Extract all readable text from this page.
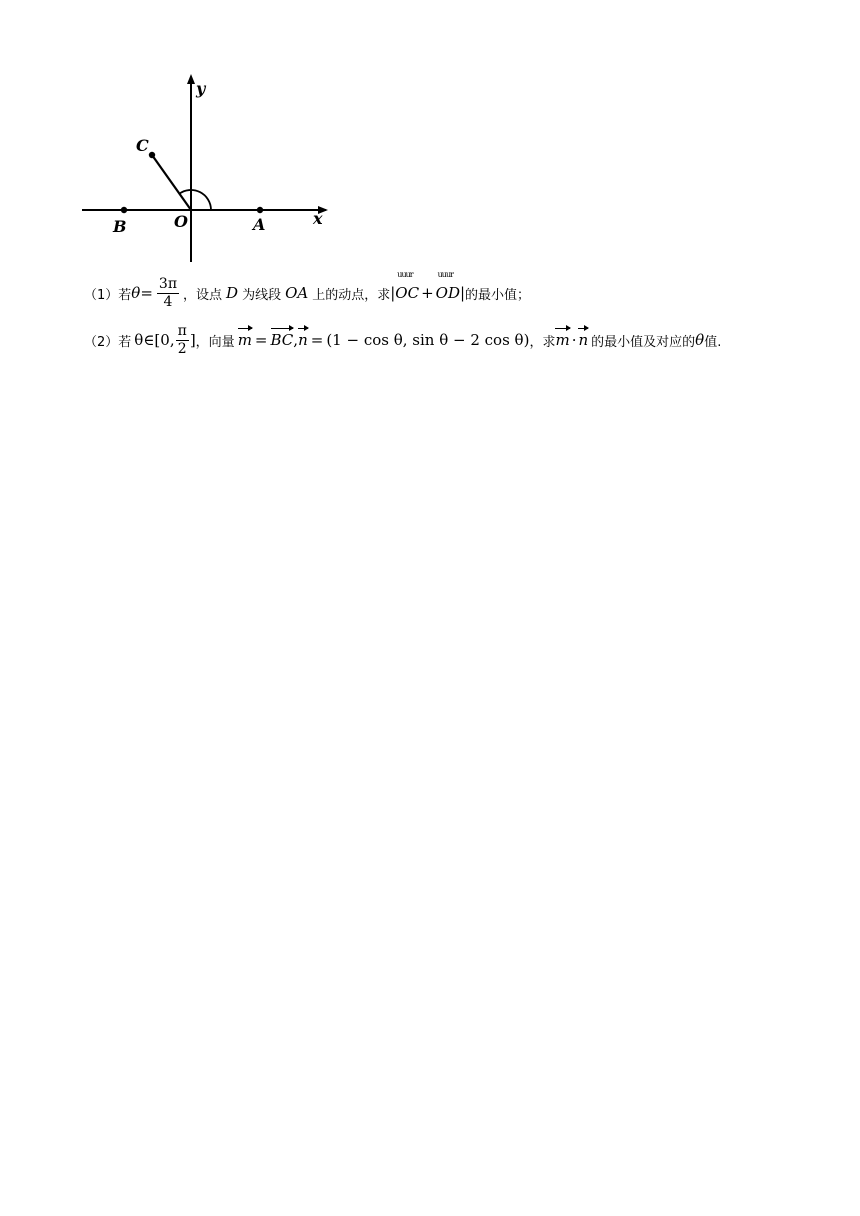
y
x
C
O
B	A
（1） 若 $\theta= \frac{3\pi}{4}$ ，设点 D 为线段 OA 上的动点，求 |
uuur
OC +
uuur
OD | 的最小值；
（2） 若 θ∈[0, $\frac{\pi}{2}$ ] ，向量 m = BC , n = (1 − cos θ, sin θ − 2 cos θ) ，求 m · n 的最小值及对应的 θ 值.
